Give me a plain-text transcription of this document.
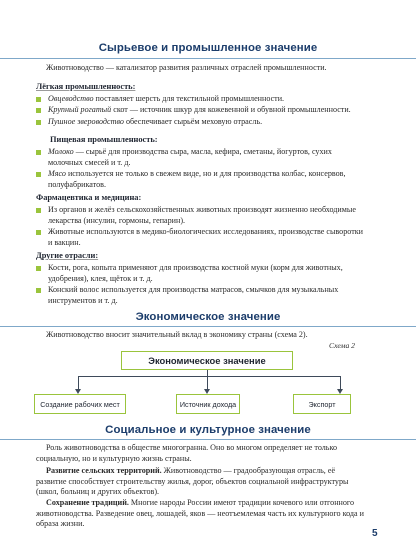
Сырьевое и промышленное значение
Животноводство — катализатор развития различных отраслей промышленности.
Лёгкая промышленность:
Овцеводство поставляет шерсть для текстильной промышленности.
Крупный рогатый скот — источник шкур для кожевенной и обувной промышленности.
Пушное звероводство обеспечивает сырьём меховую отрасль.
Пищевая промышленность:
Молоко — сырьё для производства сыра, масла, кефира, сметаны, йогуртов, сухих молочных смесей и т. д.
Мясо используется не только в свежем виде, но и для производства колбас, консервов, полуфабрикатов.
Фармацевтика и медицина:
Из органов и желёз сельскохозяйственных животных производят жизненно необходимые лекарства (инсулин, гормоны, гепарин).
Животные используются в медико-биологических исследованиях, производстве сыворотки и вакцин.
Другие отрасли:
Кости, рога, копыта применяют для производства костной муки (корм для животных, удобрения), клея, щёток и т. д.
Конский волос используется для производства матрасов, смычков для музыкальных инструментов и т. д.
Экономическое значение
Животноводство вносит значительный вклад в экономику страны (схема 2).
Схема 2
Экономическое значение
Создание рабочих мест	Источник дохода	Экспорт
Социальное и культурное значение
Роль животноводства в обществе многогранна. Оно во многом определяет не только социальную, но и культурную жизнь страны.
Развитие сельских территорий. Животноводство — градообразующая отрасль, её развитие способствует строительству жилья, дорог, объектов социальной инфраструктуры (школ, больниц и других объектов).
Сохранение традиций. Многие народы России имеют традиции кочевого или отгонного животноводства. Разведение овец, лошадей, яков — неотъемлемая часть их культурного кода и образа жизни.
5
